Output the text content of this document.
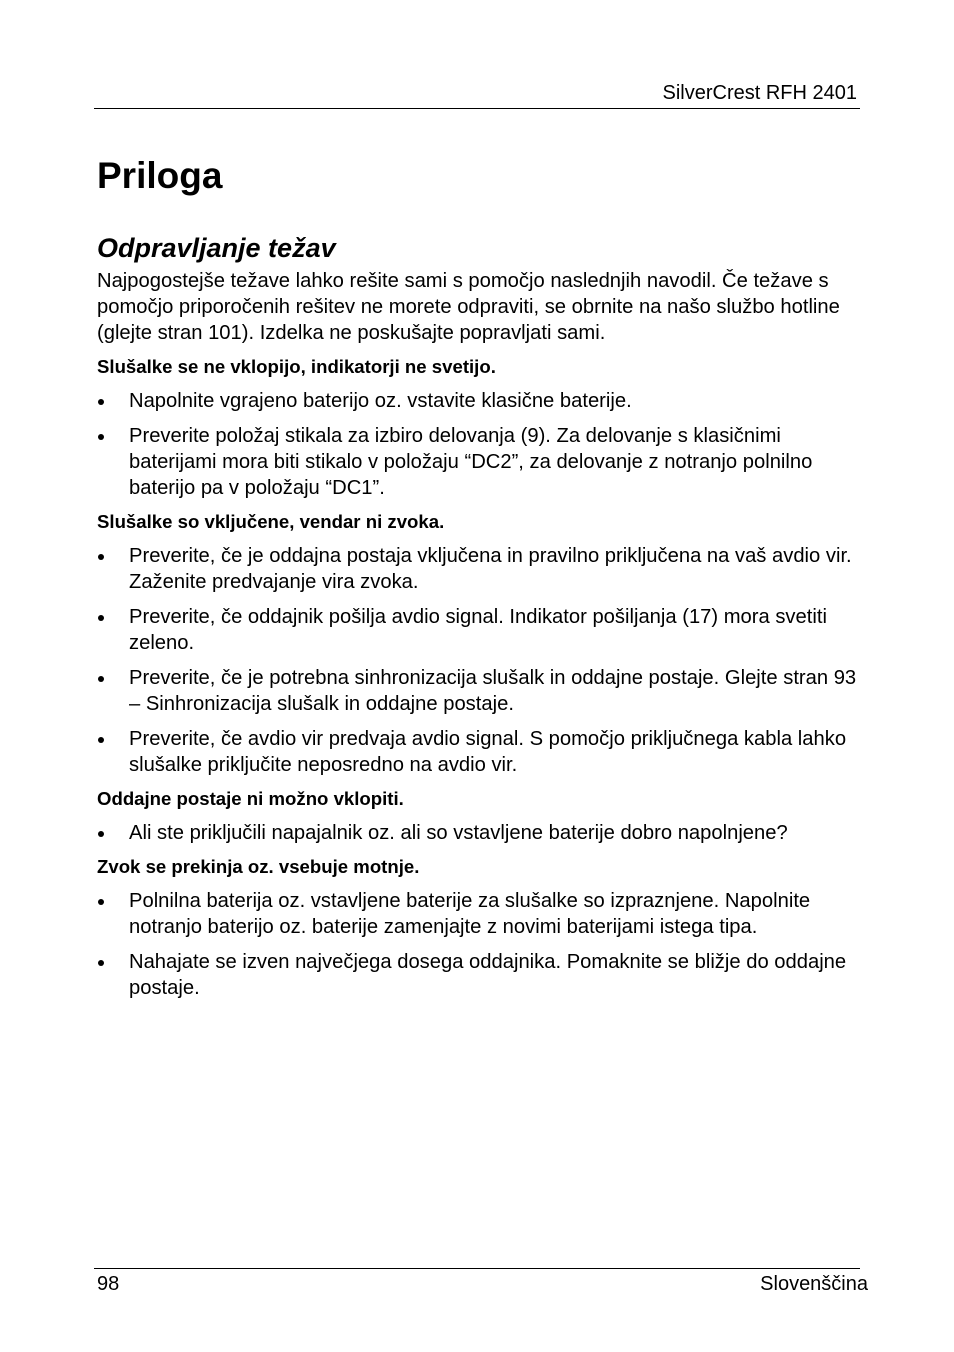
SilverCrest RFH 2401
Priloga
Odpravljanje težav

Najpogostejše težave lahko rešite sami s pomočjo naslednjih navodil. Če težave s pomočjo priporočenih rešitev ne morete odpraviti, se obrnite na našo službo hotline (glejte stran 101). Izdelka ne poskušajte popravljati sami.

Slušalke se ne vklopijo, indikatorji ne svetijo.
Napolnite vgrajeno baterijo oz. vstavite klasične baterije.
Preverite položaj stikala za izbiro delovanja (9). Za delovanje s klasičnimi baterijami mora biti stikalo v položaju “DC2”, za delovanje z notranjo polnilno baterijo pa v položaju “DC1”.
Slušalke so vključene, vendar ni zvoka.
Preverite, če je oddajna postaja vključena in pravilno priključena na vaš avdio vir. Zaženite predvajanje vira zvoka.
Preverite, če oddajnik pošilja avdio signal. Indikator pošiljanja (17) mora svetiti zeleno.
Preverite, če je potrebna sinhronizacija slušalk in oddajne postaje. Glejte stran 93 – Sinhronizacija slušalk in oddajne postaje.
Preverite, če avdio vir predvaja avdio signal. S pomočjo priključnega kabla lahko slušalke priključite neposredno na avdio vir.
Oddajne postaje ni možno vklopiti.
Ali ste priključili napajalnik oz. ali so vstavljene baterije dobro napolnjene?
Zvok se prekinja oz. vsebuje motnje.
Polnilna baterija oz. vstavljene baterije za slušalke so izpraznjene. Napolnite notranjo baterijo oz. baterije zamenjajte z novimi baterijami istega tipa.
Nahajate se izven največjega dosega oddajnika. Pomaknite se bližje do oddajne postaje.
98	Slovenščina
